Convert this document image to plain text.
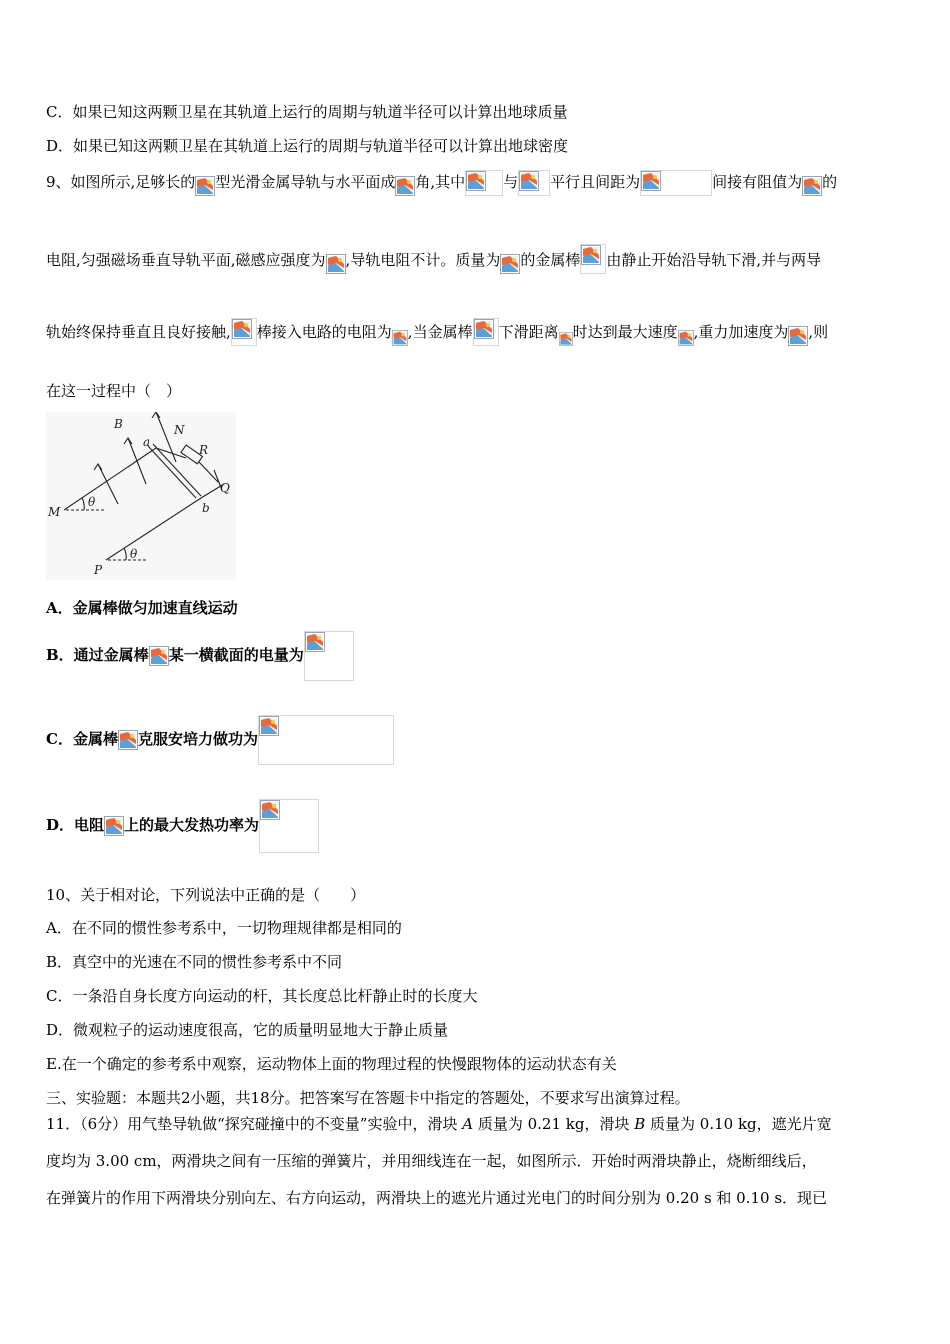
C．如果已知这两颗卫星在其轨道上运行的周期与轨道半径可以计算出地球质量
D．如果已知这两颗卫星在其轨道上运行的周期与轨道半径可以计算出地球密度
9、如图所示,足够长的 型光滑金属导轨与水平面成 角,其中	与 平行且间距为	间接有阻值为 的
电阻,匀强磁场垂直导轨平面,磁感应强度为 ,导轨电阻不计。质量为 的金属棒 由静止开始沿导轨下滑,并与两导
轨始终保持垂直且良好接触, 棒接入电路的电阻为 ,当金属棒 下滑距离 时达到最大速度 ,重力加速度为 ,则
在这一过程中（　）
B
a
N
R
Q
M
θ	b
P
θ
A．金属棒做匀加速直线运动
B．通过金属棒 某一横截面的电量为
C．金属棒 克服安培力做功为
D．电阻 上的最大发热功率为
10、关于相对论，下列说法中正确的是（　　）
A．在不同的惯性参考系中，一切物理规律都是相同的
B．真空中的光速在不同的惯性参考系中不同
C．一条沿自身长度方向运动的杆，其长度总比杆静止时的长度大
D．微观粒子的运动速度很高，它的质量明显地大于静止质量
E.在一个确定的参考系中观察，运动物体上面的物理过程的快慢跟物体的运动状态有关
三、实验题：本题共2小题，共18分。把答案写在答题卡中指定的答题处，不要求写出演算过程。
11．（6分）用气垫导轨做“探究碰撞中的不变量”实验中，滑块 𝐴 质量为 0.21 kg，滑块 𝐵 质量为 0.10 kg，遮光片宽
度均为 3.00 cm，两滑块之间有一压缩的弹簧片，并用细线连在一起，如图所示．开始时两滑块静止，烧断细线后，
在弹簧片的作用下两滑块分别向左、右方向运动，两滑块上的遮光片通过光电门的时间分别为 0.20 s 和 0.10 s．现已
